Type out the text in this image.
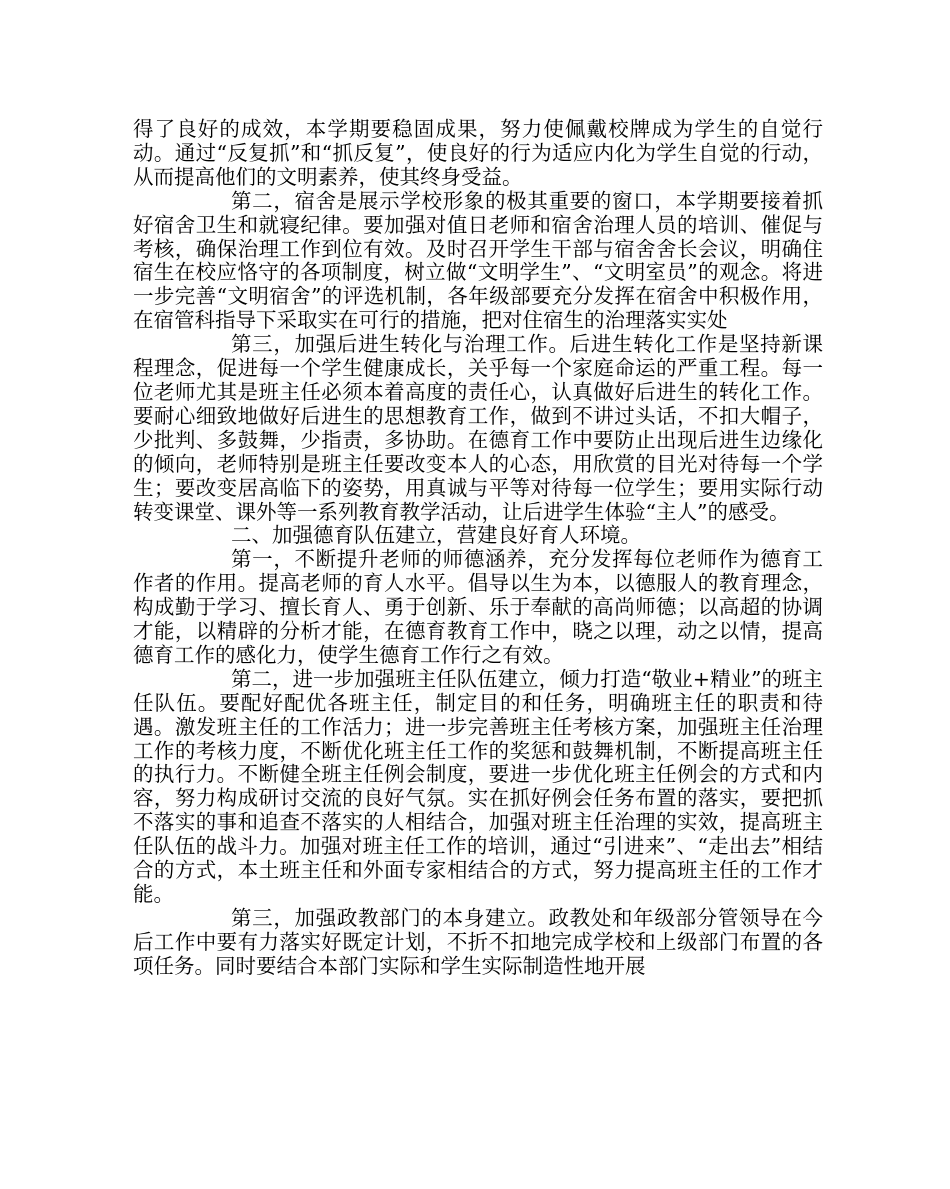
得了良好的成效，本学期要稳固成果，努力使佩戴校牌成为学生的自觉行动。通过“反复抓”和“抓反复”，使良好的行为适应内化为学生自觉的行动，从而提高他们的文明素养，使其终身受益。

第二，宿舍是展示学校形象的极其重要的窗口，本学期要接着抓好宿舍卫生和就寝纪律。要加强对值日老师和宿舍治理人员的培训、催促与考核，确保治理工作到位有效。及时召开学生干部与宿舍舍长会议，明确住宿生在校应恪守的各项制度，树立做“文明学生”、“文明室员”的观念。将进一步完善“文明宿舍”的评选机制，各年级部要充分发挥在宿舍中积极作用，在宿管科指导下采取实在可行的措施，把对住宿生的治理落实实处

第三，加强后进生转化与治理工作。后进生转化工作是坚持新课程理念，促进每一个学生健康成长，关乎每一个家庭命运的严重工程。每一位老师尤其是班主任必须本着高度的责任心，认真做好后进生的转化工作。要耐心细致地做好后进生的思想教育工作，做到不讲过头话，不扣大帽子，少批判、多鼓舞，少指责，多协助。在德育工作中要防止出现后进生边缘化的倾向，老师特别是班主任要改变本人的心态，用欣赏的目光对待每一个学生；要改变居高临下的姿势，用真诚与平等对待每一位学生；要用实际行动转变课堂、课外等一系列教育教学活动，让后进学生体验“主人”的感受。

二、加强德育队伍建立，营建良好育人环境。

第一，不断提升老师的师德涵养，充分发挥每位老师作为德育工作者的作用。提高老师的育人水平。倡导以生为本，以德服人的教育理念，构成勤于学习、擅长育人、勇于创新、乐于奉献的高尚师德；以高超的协调才能，以精辟的分析才能，在德育教育工作中，晓之以理，动之以情，提高德育工作的感化力，使学生德育工作行之有效。

第二，进一步加强班主任队伍建立，倾力打造“敬业+精业”的班主任队伍。要配好配优各班主任，制定目的和任务，明确班主任的职责和待遇。激发班主任的工作活力；进一步完善班主任考核方案，加强班主任治理工作的考核力度，不断优化班主任工作的奖惩和鼓舞机制，不断提高班主任的执行力。不断健全班主任例会制度，要进一步优化班主任例会的方式和内容，努力构成研讨交流的良好气氛。实在抓好例会任务布置的落实，要把抓不落实的事和追查不落实的人相结合，加强对班主任治理的实效，提高班主任队伍的战斗力。加强对班主任工作的培训，通过“引进来”、“走出去”相结合的方式，本土班主任和外面专家相结合的方式，努力提高班主任的工作才能。

第三，加强政教部门的本身建立。政教处和年级部分管领导在今后工作中要有力落实好既定计划，不折不扣地完成学校和上级部门布置的各项任务。同时要结合本部门实际和学生实际制造性地开展
